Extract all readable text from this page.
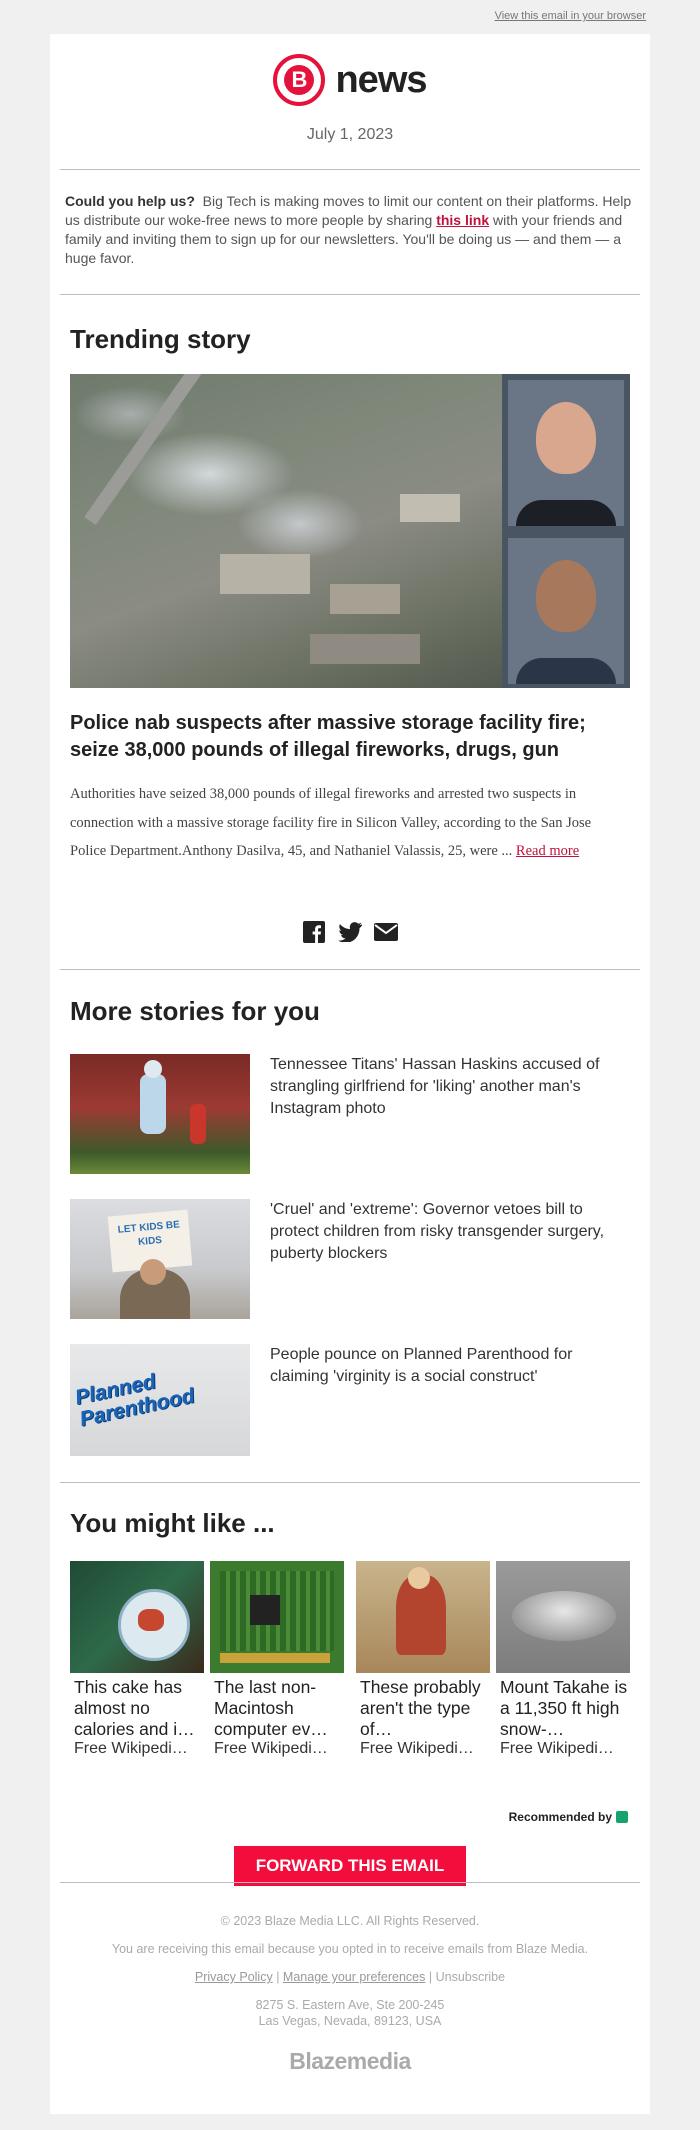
View this email in your browser
B news
July 1, 2023
Could you help us? Big Tech is making moves to limit our content on their platforms. Help us distribute our woke-free news to more people by sharing this link with your friends and family and inviting them to sign up for our newsletters. You'll be doing us — and them — a huge favor.
Trending story
Police nab suspects after massive storage facility fire; seize 38,000 pounds of illegal fireworks, drugs, gun
Authorities have seized 38,000 pounds of illegal fireworks and arrested two suspects in connection with a massive storage facility fire in Silicon Valley, according to the San Jose Police Department.Anthony Dasilva, 45, and Nathaniel Valassis, 25, were ... Read more
More stories for you
Tennessee Titans' Hassan Haskins accused of strangling girlfriend for 'liking' another man's Instagram photo
LET KIDS BE KIDS
'Cruel' and 'extreme': Governor vetoes bill to protect children from risky transgender surgery, puberty blockers
Planned Parenthood
People pounce on Planned Parenthood for claiming 'virginity is a social construct'
You might like ...
This cake has almost no calories and i…
Free Wikipedi…
The last non-Macintosh computer ev…
Free Wikipedi…
These probably aren't the type of…
Free Wikipedi…
Mount Takahe is a 11,350 ft high snow-…
Free Wikipedi…
Recommended by
FORWARD THIS EMAIL
© 2023 Blaze Media LLC. All Rights Reserved.
You are receiving this email because you opted in to receive emails from Blaze Media.
Privacy Policy | Manage your preferences | Unsubscribe
8275 S. Eastern Ave, Ste 200-245
Las Vegas, Nevada, 89123, USA
Blazemedia
